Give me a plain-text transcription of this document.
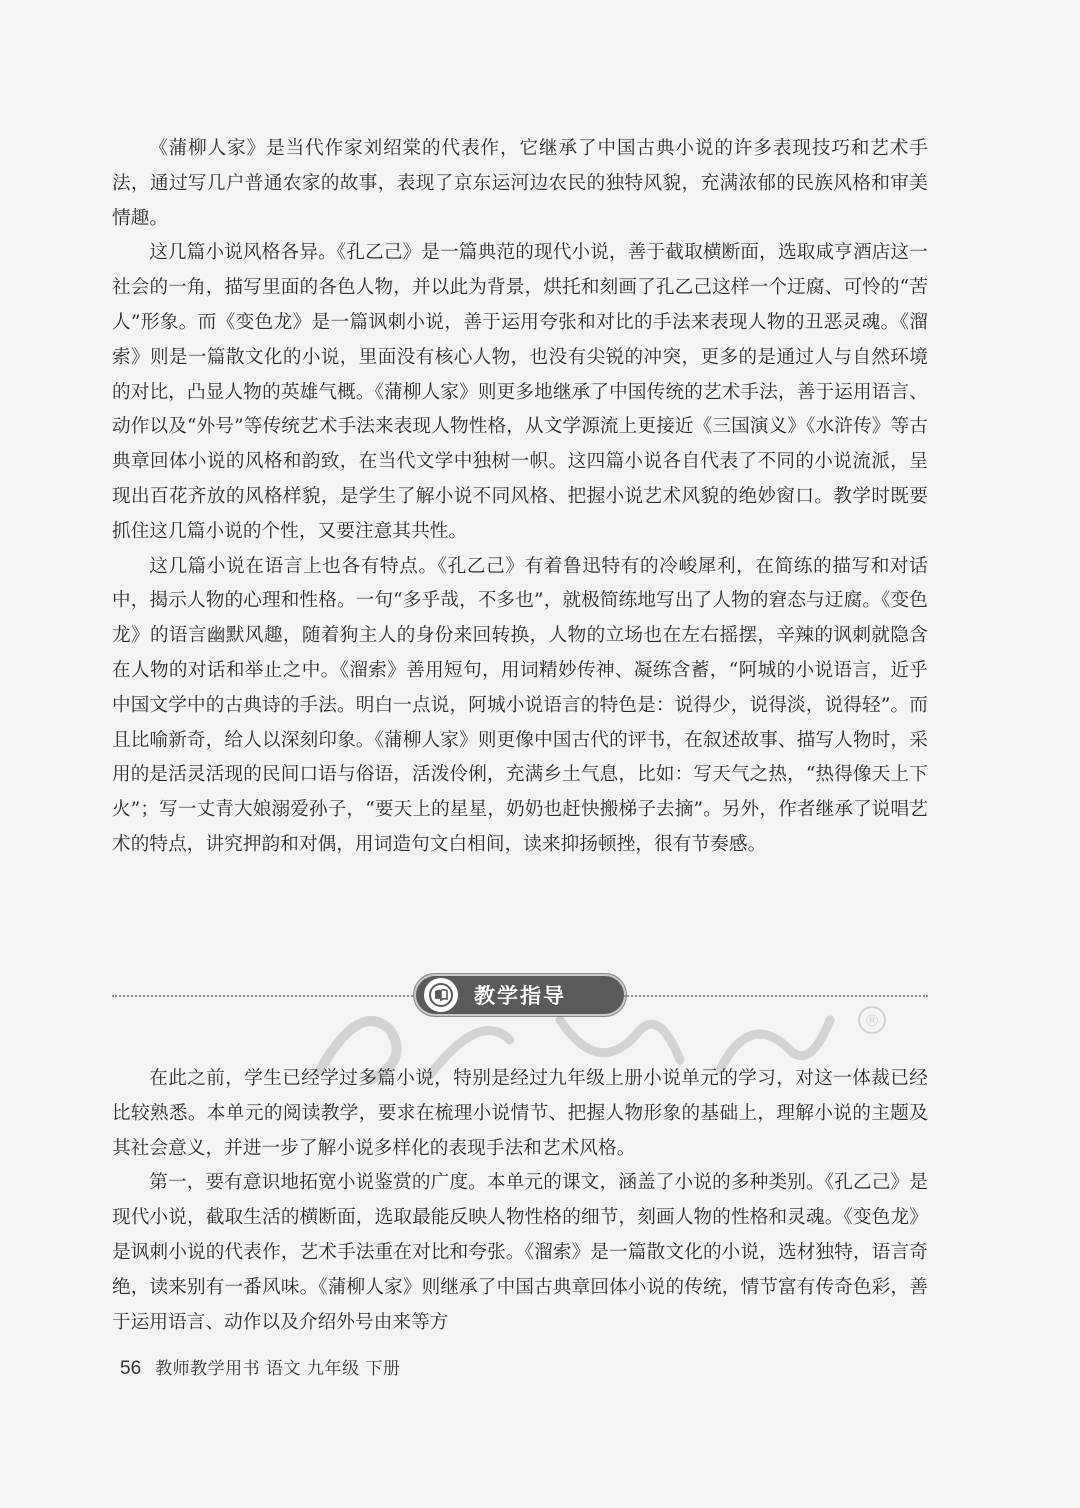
《蒲柳人家》是当代作家刘绍棠的代表作，它继承了中国古典小说的许多表现技巧和艺术手法，通过写几户普通农家的故事，表现了京东运河边农民的独特风貌，充满浓郁的民族风格和审美情趣。

这几篇小说风格各异。《孔乙己》是一篇典范的现代小说，善于截取横断面，选取咸亨酒店这一社会的一角，描写里面的各色人物，并以此为背景，烘托和刻画了孔乙己这样一个迂腐、可怜的“苦人”形象。而《变色龙》是一篇讽刺小说，善于运用夸张和对比的手法来表现人物的丑恶灵魂。《溜索》则是一篇散文化的小说，里面没有核心人物，也没有尖锐的冲突，更多的是通过人与自然环境的对比，凸显人物的英雄气概。《蒲柳人家》则更多地继承了中国传统的艺术手法，善于运用语言、动作以及“外号”等传统艺术手法来表现人物性格，从文学源流上更接近《三国演义》《水浒传》等古典章回体小说的风格和韵致，在当代文学中独树一帜。这四篇小说各自代表了不同的小说流派，呈现出百花齐放的风格样貌，是学生了解小说不同风格、把握小说艺术风貌的绝妙窗口。教学时既要抓住这几篇小说的个性，又要注意其共性。

这几篇小说在语言上也各有特点。《孔乙己》有着鲁迅特有的冷峻犀利，在简练的描写和对话中，揭示人物的心理和性格。一句“多乎哉，不多也”，就极简练地写出了人物的窘态与迂腐。《变色龙》的语言幽默风趣，随着狗主人的身份来回转换，人物的立场也在左右摇摆，辛辣的讽刺就隐含在人物的对话和举止之中。《溜索》善用短句，用词精妙传神、凝练含蓄，“阿城的小说语言，近乎中国文学中的古典诗的手法。明白一点说，阿城小说语言的特色是：说得少，说得淡，说得轻”。而且比喻新奇，给人以深刻印象。《蒲柳人家》则更像中国古代的评书，在叙述故事、描写人物时，采用的是活灵活现的民间口语与俗语，活泼伶俐，充满乡土气息，比如：写天气之热，“热得像天上下火”；写一丈青大娘溺爱孙子，“要天上的星星，奶奶也赶快搬梯子去摘”。另外，作者继承了说唱艺术的特点，讲究押韵和对偶，用词造句文白相间，读来抑扬顿挫，很有节奏感。

教学指导
®

在此之前，学生已经学过多篇小说，特别是经过九年级上册小说单元的学习，对这一体裁已经比较熟悉。本单元的阅读教学，要求在梳理小说情节、把握人物形象的基础上，理解小说的主题及其社会意义，并进一步了解小说多样化的表现手法和艺术风格。

第一，要有意识地拓宽小说鉴赏的广度。本单元的课文，涵盖了小说的多种类别。《孔乙己》是现代小说，截取生活的横断面，选取最能反映人物性格的细节，刻画人物的性格和灵魂。《变色龙》是讽刺小说的代表作，艺术手法重在对比和夸张。《溜索》是一篇散文化的小说，选材独特，语言奇绝，读来别有一番风味。《蒲柳人家》则继承了中国古典章回体小说的传统，情节富有传奇色彩，善于运用语言、动作以及介绍外号由来等方

56 教师教学用书 语文 九年级 下册
